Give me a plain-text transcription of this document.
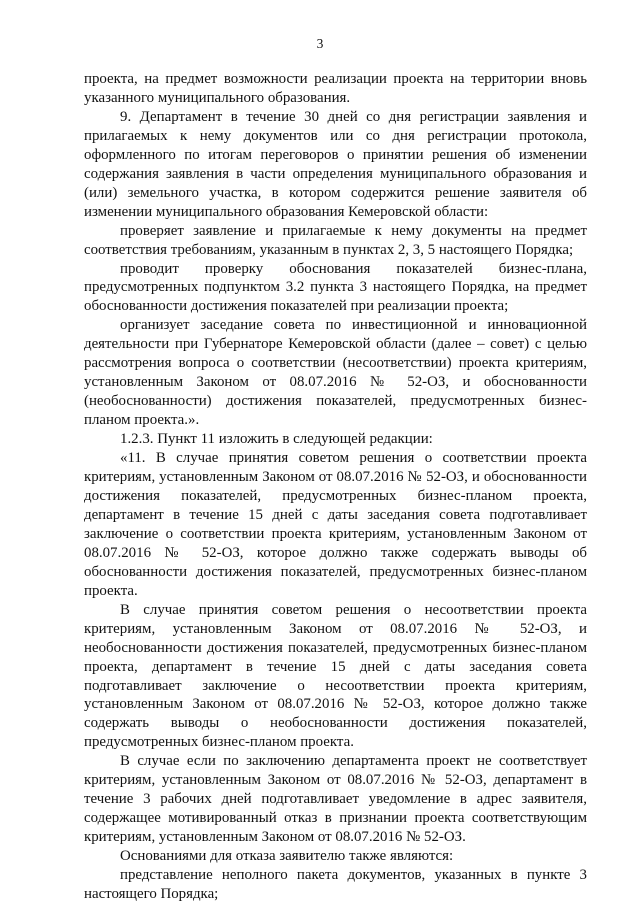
3

проекта, на предмет возможности реализации проекта на территории вновь указанного муниципального образования.

9. Департамент в течение 30 дней со дня регистрации заявления и прилагаемых к нему документов или со дня регистрации протокола, оформленного по итогам переговоров о принятии решения об изменении содержания заявления в части определения муниципального образования и (или) земельного участка, в котором содержится решение заявителя об изменении муниципального образования Кемеровской области:

проверяет заявление и прилагаемые к нему документы на предмет соответствия требованиям, указанным в пунктах 2, 3, 5 настоящего Порядка;

проводит проверку обоснования показателей бизнес-плана, предусмотренных подпунктом 3.2 пункта 3 настоящего Порядка, на предмет обоснованности достижения показателей при реализации проекта;

организует заседание совета по инвестиционной и инновационной деятельности при Губернаторе Кемеровской области (далее – совет) с целью рассмотрения вопроса о соответствии (несоответствии) проекта критериям, установленным Законом от 08.07.2016 № 52-ОЗ, и обоснованности (необоснованности) достижения показателей, предусмотренных бизнес-планом проекта.».

1.2.3. Пункт 11 изложить в следующей редакции:

«11. В случае принятия советом решения о соответствии проекта критериям, установленным Законом от 08.07.2016 № 52-ОЗ, и обоснованности достижения показателей, предусмотренных бизнес-планом проекта, департамент в течение 15 дней с даты заседания совета подготавливает заключение о соответствии проекта критериям, установленным Законом от 08.07.2016 № 52-ОЗ, которое должно также содержать выводы об обоснованности достижения показателей, предусмотренных бизнес-планом проекта.

В случае принятия советом решения о несоответствии проекта критериям, установленным Законом от 08.07.2016 № 52-ОЗ, и необоснованности достижения показателей, предусмотренных бизнес-планом проекта, департамент в течение 15 дней с даты заседания совета подготавливает заключение о несоответствии проекта критериям, установленным Законом от 08.07.2016 № 52-ОЗ, которое должно также содержать выводы о необоснованности достижения показателей, предусмотренных бизнес-планом проекта.

В случае если по заключению департамента проект не соответствует критериям, установленным Законом от 08.07.2016 № 52-ОЗ, департамент в течение 3 рабочих дней подготавливает уведомление в адрес заявителя, содержащее мотивированный отказ в признании проекта соответствующим критериям, установленным Законом от 08.07.2016 № 52-ОЗ.

Основаниями для отказа заявителю также являются:

представление неполного пакета документов, указанных в пункте 3 настоящего Порядка;
